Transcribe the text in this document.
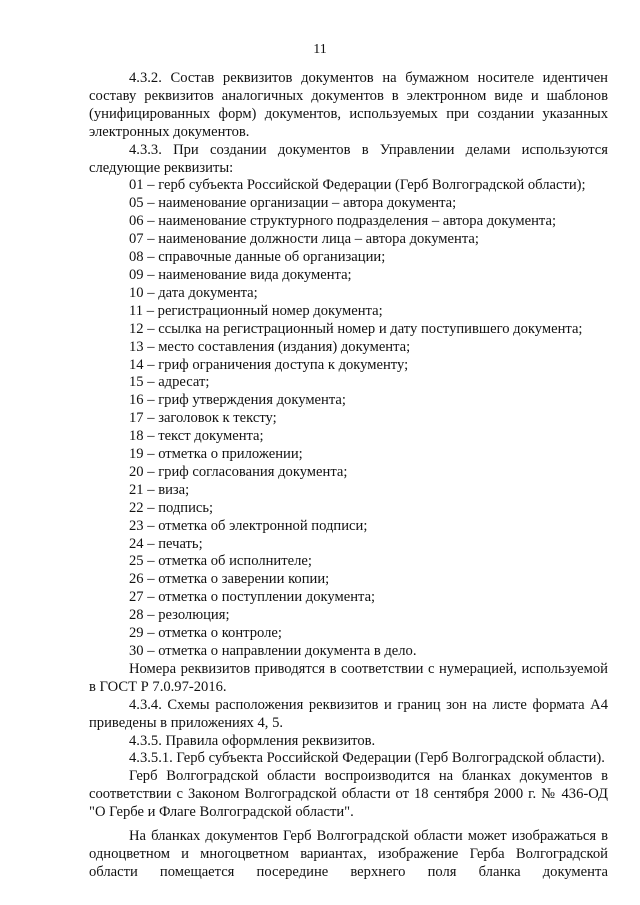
11

4.3.2. Состав реквизитов документов на бумажном носителе идентичен составу реквизитов аналогичных документов в электронном виде и шаблонов (унифицированных форм) документов, используемых при создании указанных электронных документов.

4.3.3. При создании документов в Управлении делами используются следующие реквизиты:

01 – герб субъекта Российской Федерации (Герб Волгоградской области);

05 – наименование организации – автора документа;

06 – наименование структурного подразделения – автора документа;

07 – наименование должности лица – автора документа;

08 – справочные данные об организации;

09 – наименование вида документа;

10 – дата документа;

11 – регистрационный номер документа;

12 – ссылка на регистрационный номер и дату поступившего документа;

13 – место составления (издания) документа;

14 – гриф ограничения доступа к документу;

15 – адресат;

16 – гриф утверждения документа;

17 – заголовок к тексту;

18 – текст документа;

19 – отметка о приложении;

20 – гриф согласования документа;

21 – виза;

22 – подпись;

23 – отметка об электронной подписи;

24 – печать;

25 – отметка об исполнителе;

26 – отметка о заверении копии;

27 – отметка о поступлении документа;

28 – резолюция;

29 – отметка о контроле;

30 – отметка о направлении документа в дело.

Номера реквизитов приводятся в соответствии с нумерацией, используемой в ГОСТ Р 7.0.97-2016.

4.3.4. Схемы расположения реквизитов и границ зон на листе формата А4 приведены в приложениях 4, 5.

4.3.5. Правила оформления реквизитов.

4.3.5.1. Герб субъекта Российской Федерации (Герб Волгоградской области).

Герб Волгоградской области воспроизводится на бланках документов в соответствии с Законом Волгоградской области от 18 сентября 2000 г. № 436-ОД "О Гербе и Флаге Волгоградской области".

На бланках документов Герб Волгоградской области может изображаться в одноцветном и многоцветном вариантах, изображение Герба Волгоградской области помещается посередине верхнего поля бланка документа
